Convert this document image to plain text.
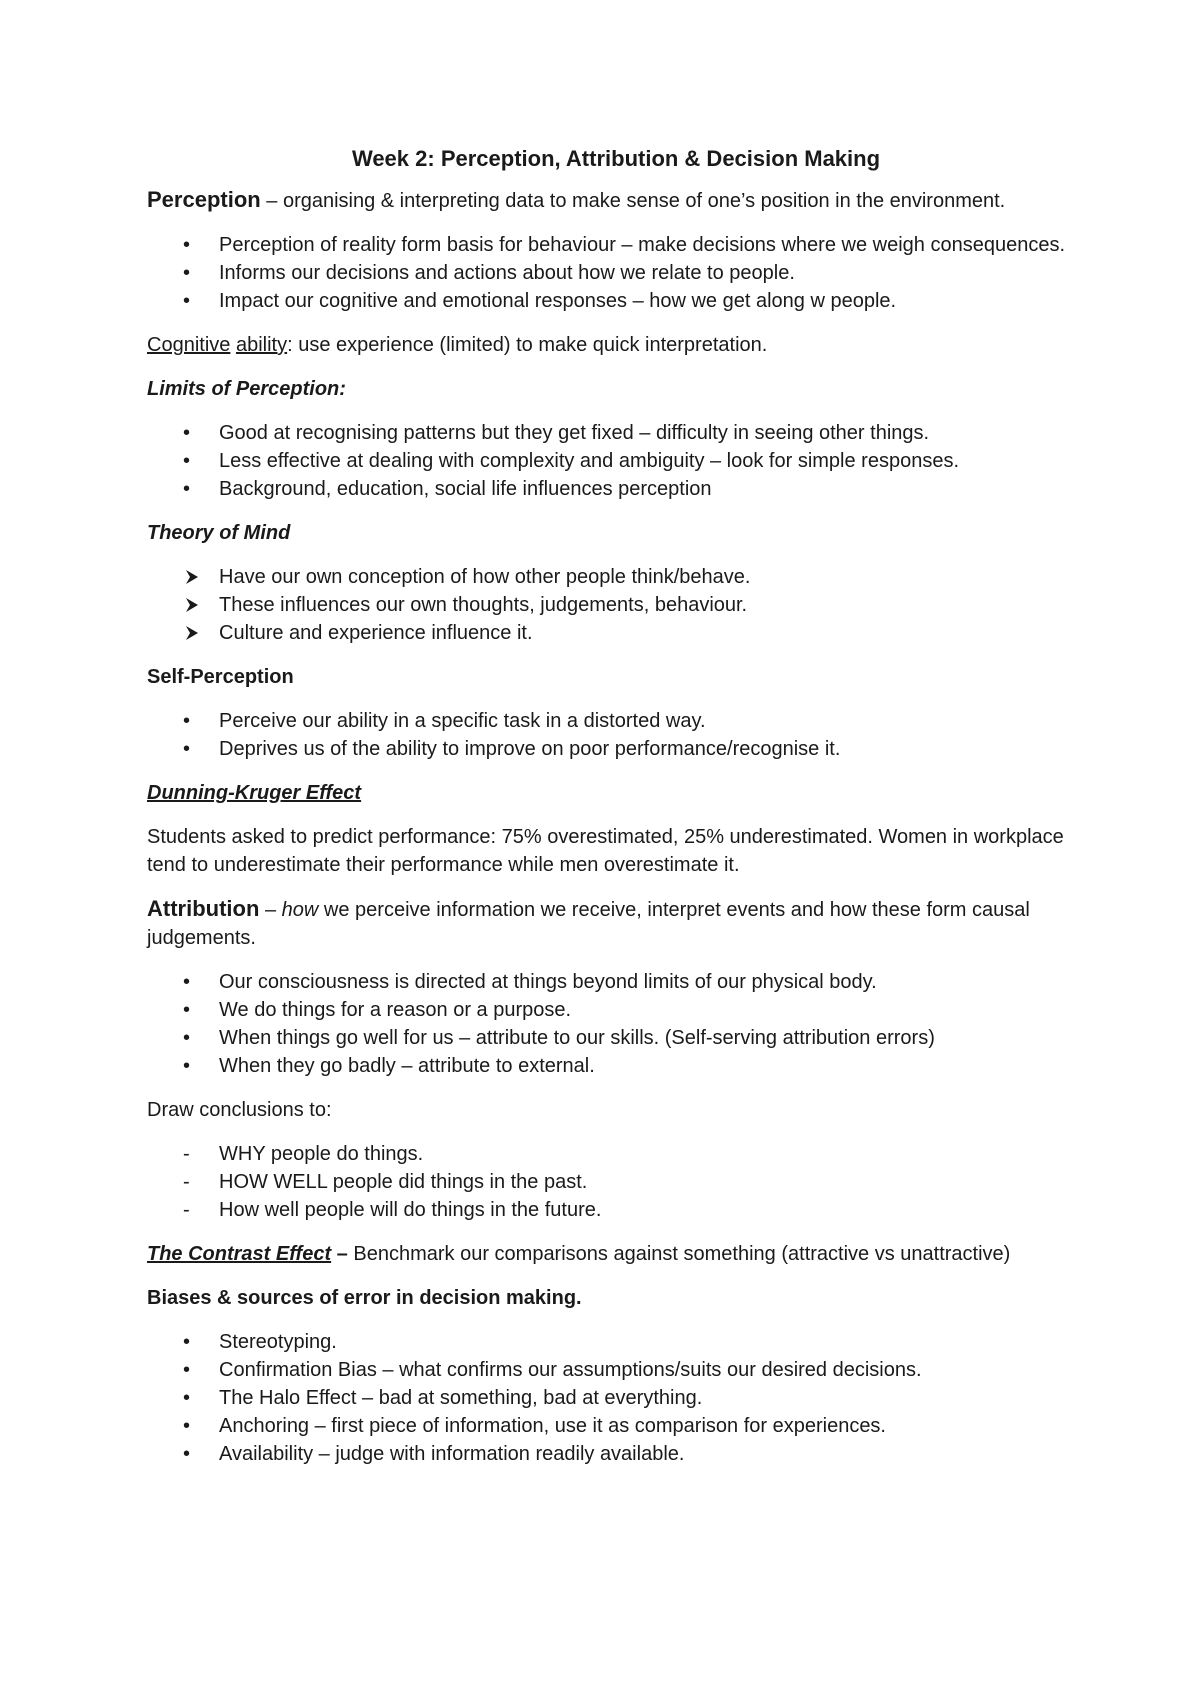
Week 2: Perception, Attribution & Decision Making
Perception – organising & interpreting data to make sense of one’s position in the environment.
•
Perception of reality form basis for behaviour – make decisions where we weigh consequences.
•
Informs our decisions and actions about how we relate to people.
•
Impact our cognitive and emotional responses – how we get along w people.
Cognitive ability: use experience (limited) to make quick interpretation.
Limits of Perception:
•
Good at recognising patterns but they get fixed – difficulty in seeing other things.
•
Less effective at dealing with complexity and ambiguity – look for simple responses.
•
Background, education, social life influences perception
Theory of Mind
Have our own conception of how other people think/behave.
These influences our own thoughts, judgements, behaviour.
Culture and experience influence it.
Self-Perception
•
Perceive our ability in a specific task in a distorted way.
•
Deprives us of the ability to improve on poor performance/recognise it.
Dunning-Kruger Effect
Students asked to predict performance: 75% overestimated, 25% underestimated. Women in workplace tend to underestimate their performance while men overestimate it.
Attribution – how we perceive information we receive, interpret events and how these form causal judgements.
•
Our consciousness is directed at things beyond limits of our physical body.
•
We do things for a reason or a purpose.
•
When things go well for us – attribute to our skills. (Self-serving attribution errors)
•
When they go badly – attribute to external.
Draw conclusions to:
-
WHY people do things.
-
HOW WELL people did things in the past.
-
How well people will do things in the future.
The Contrast Effect – Benchmark our comparisons against something (attractive vs unattractive)
Biases & sources of error in decision making.
•
Stereotyping.
•
Confirmation Bias – what confirms our assumptions/suits our desired decisions.
•
The Halo Effect – bad at something, bad at everything.
•
Anchoring – first piece of information, use it as comparison for experiences.
•
Availability – judge with information readily available.
